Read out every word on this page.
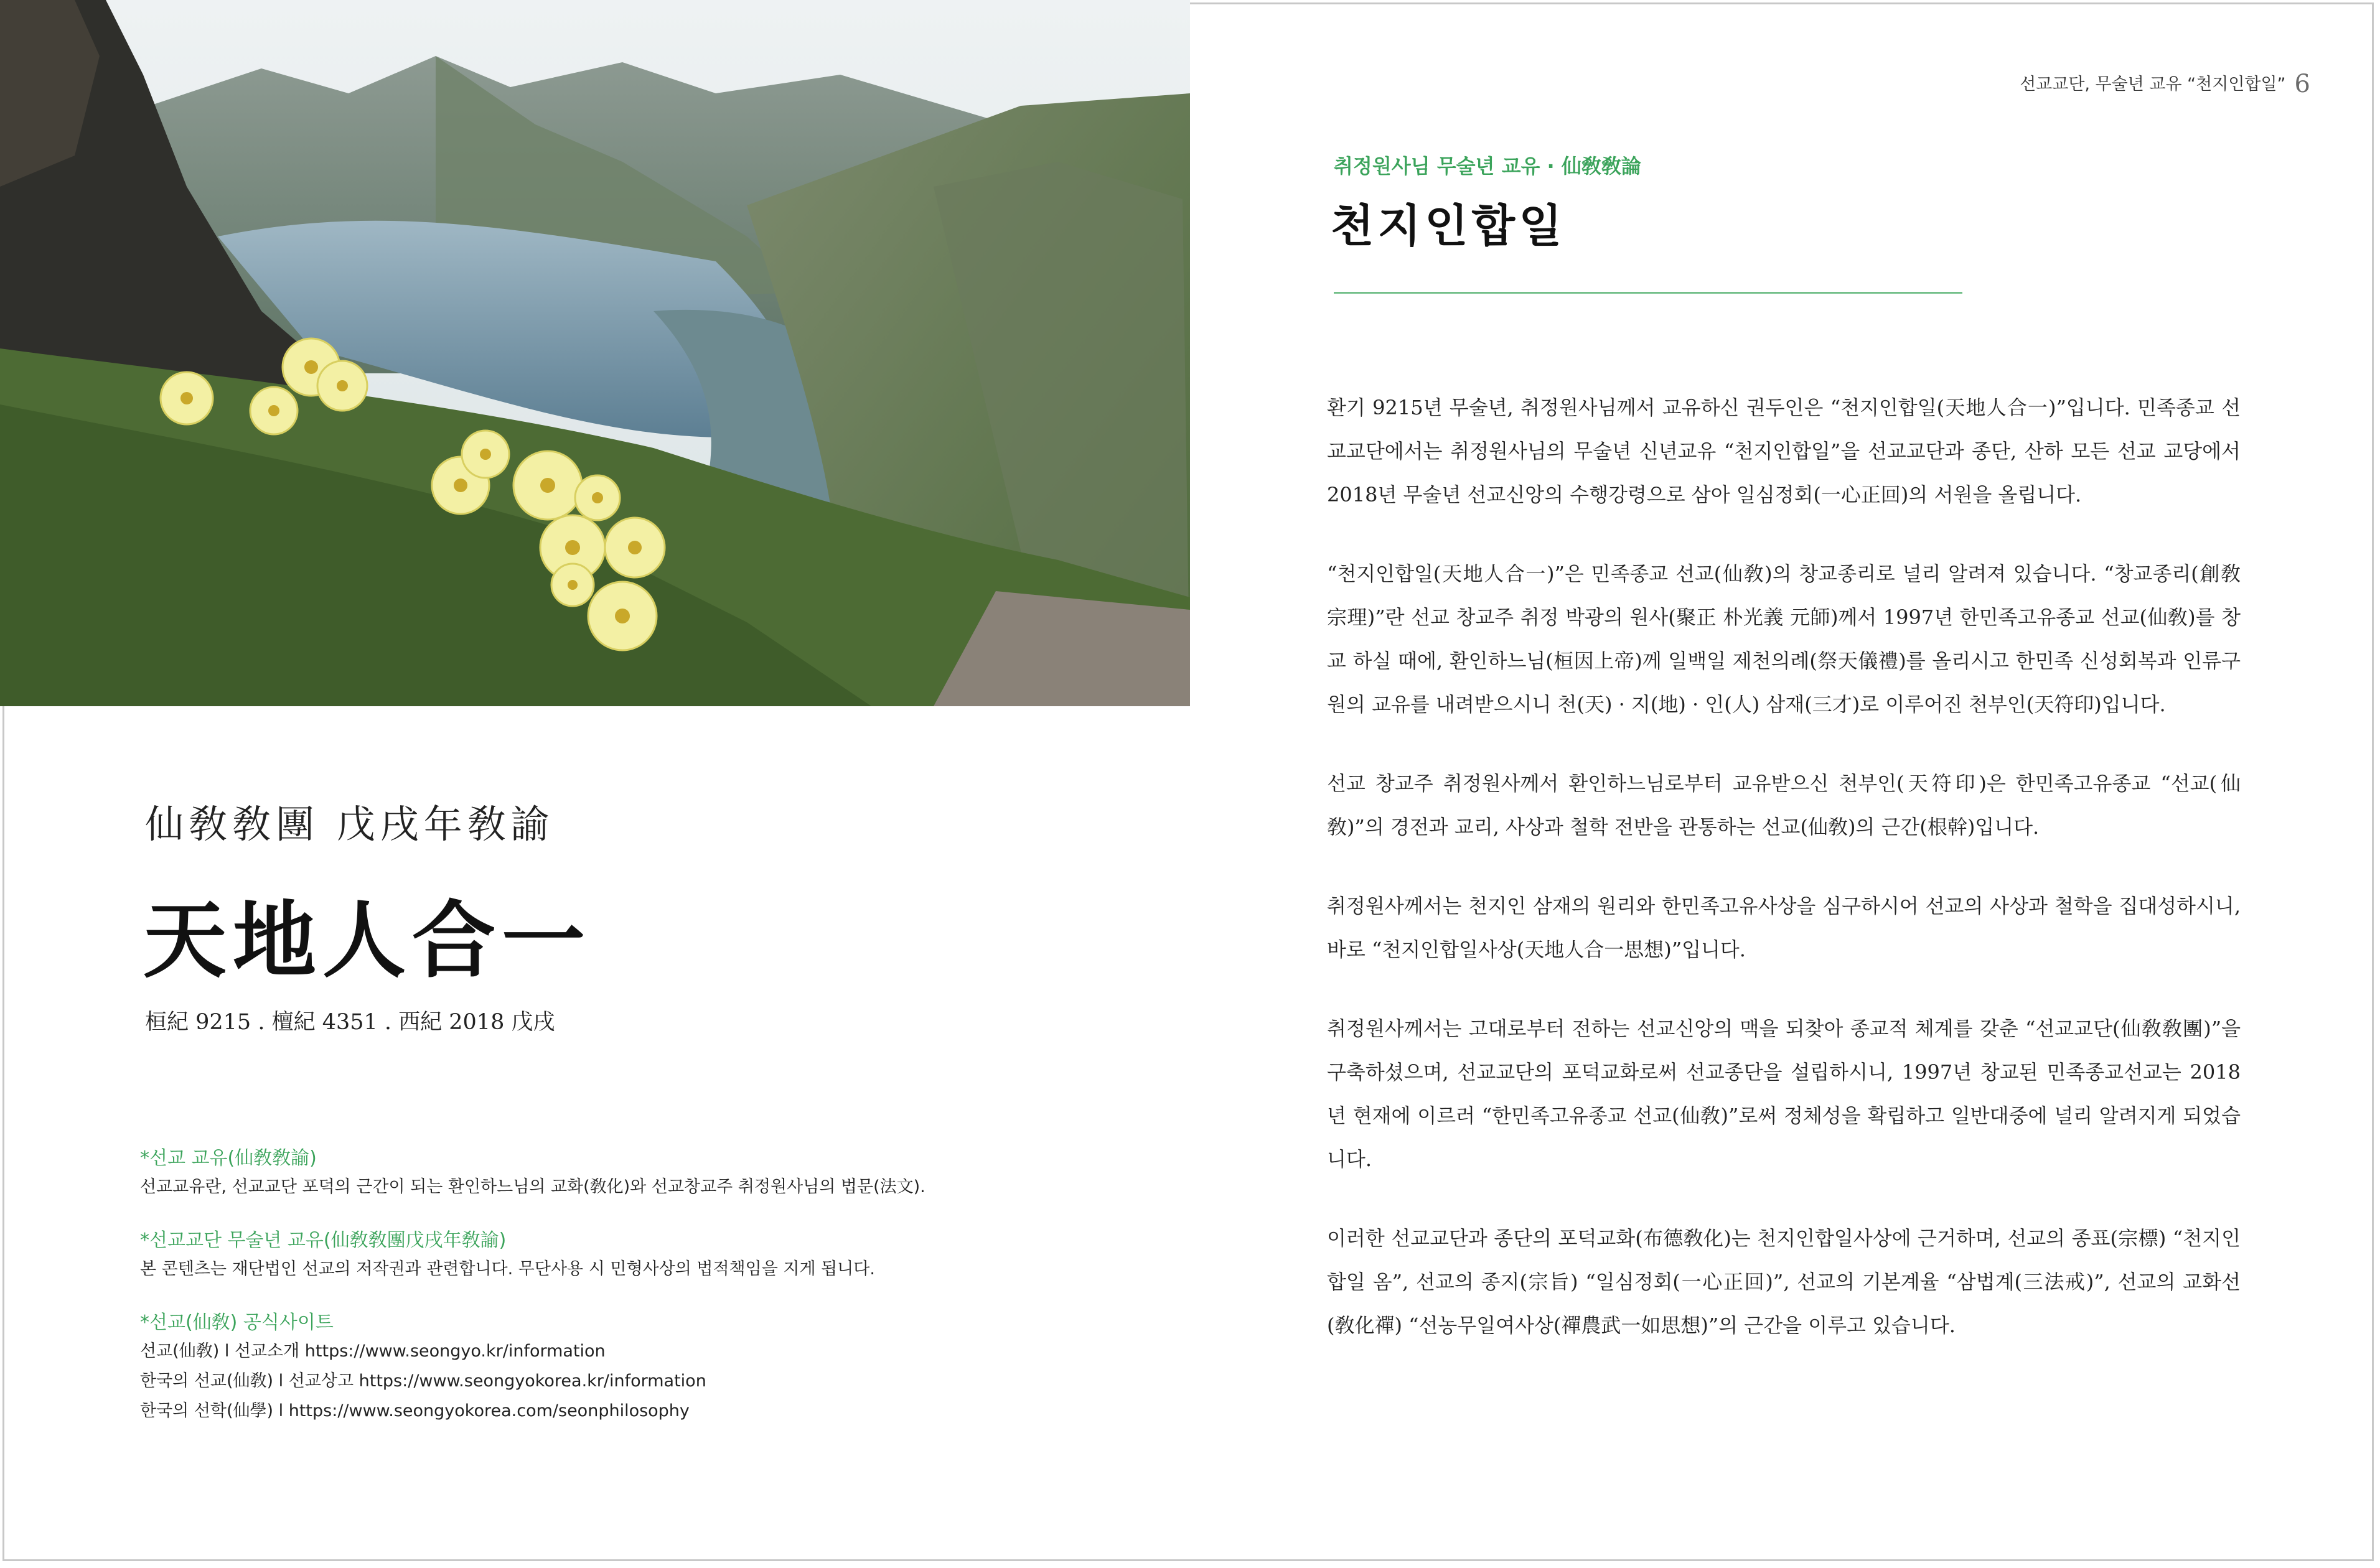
선교교단, 무술년 교유 “천지인합일” 6
취정원사님 무술년 교유 · 仙敎敎論
천지인합일

환기 9215년 무술년, 취정원사님께서 교유하신 권두인은 “천지인합일(天地人合一)”입니다. 민족종교 선교교단에서는 취정원사님의 무술년 신년교유 “천지인합일”을 선교교단과 종단, 산하 모든 선교 교당에서 2018년 무술년 선교신앙의 수행강령으로 삼아 일심정회(一心正回)의 서원을 올립니다.

“천지인합일(天地人合一)”은 민족종교 선교(仙敎)의 창교종리로 널리 알려져 있습니다. “창교종리(創敎宗理)”란 선교 창교주 취정 박광의 원사(聚正 朴光義 元師)께서 1997년 한민족고유종교 선교(仙敎)를 창교 하실 때에, 환인하느님(桓因上帝)께 일백일 제천의례(祭天儀禮)를 올리시고 한민족 신성회복과 인류구원의 교유를 내려받으시니 천(天) · 지(地) · 인(人) 삼재(三才)로 이루어진 천부인(天符印)입니다.

선교 창교주 취정원사께서 환인하느님로부터 교유받으신 천부인(天符印)은 한민족고유종교 “선교(仙敎)”의 경전과 교리, 사상과 철학 전반을 관통하는 선교(仙敎)의 근간(根幹)입니다.

취정원사께서는 천지인 삼재의 원리와 한민족고유사상을 심구하시어 선교의 사상과 철학을 집대성하시니, 바로 “천지인합일사상(天地人合一思想)”입니다.

취정원사께서는 고대로부터 전하는 선교신앙의 맥을 되찾아 종교적 체계를 갖춘 “선교교단(仙敎敎團)”을 구축하셨으며, 선교교단의 포덕교화로써 선교종단을 설립하시니, 1997년 창교된 민족종교선교는 2018년 현재에 이르러 “한민족고유종교 선교(仙敎)”로써 정체성을 확립하고 일반대중에 널리 알려지게 되었습니다.

이러한 선교교단과 종단의 포덕교화(布德敎化)는 천지인합일사상에 근거하며, 선교의 종표(宗標) “천지인합일 옴”, 선교의 종지(宗旨) “일심정회(一心正回)”, 선교의 기본계율 “삼법계(三法戒)”, 선교의 교화선(敎化禪) “선농무일여사상(禪農武一如思想)”의 근간을 이루고 있습니다.

仙敎敎團 戊戌年敎諭
天地人合一
桓紀 9215 . 檀紀 4351 . 西紀 2018 戊戌
*선교 교유(仙敎敎諭)
선교교유란, 선교교단 포덕의 근간이 되는 환인하느님의 교화(敎化)와 선교창교주 취정원사님의 법문(法文).
*선교교단 무술년 교유(仙敎敎團戊戌年敎諭)
본 콘텐츠는 재단법인 선교의 저작권과 관련합니다. 무단사용 시 민형사상의 법적책임을 지게 됩니다.
*선교(仙敎) 공식사이트
선교(仙敎) l 선교소개 https://www.seongyo.kr/information
한국의 선교(仙敎) l 선교상고 https://www.seongyokorea.kr/information
한국의 선학(仙學) l https://www.seongyokorea.com/seonphilosophy
